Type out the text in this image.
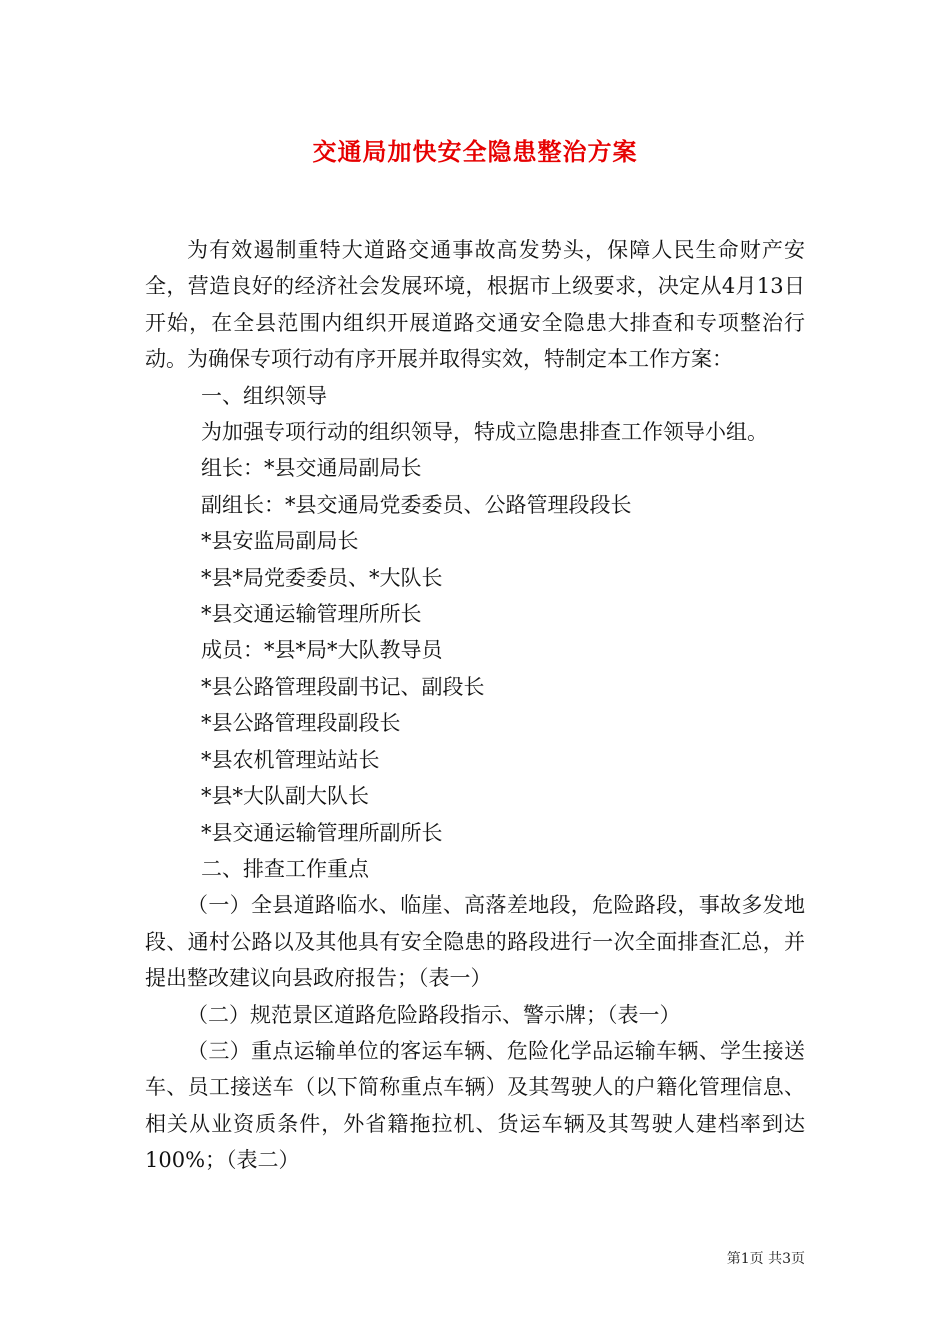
交通局加快安全隐患整治方案

为有效遏制重特大道路交通事故高发势头，保障人民生命财产安全，营造良好的经济社会发展环境，根据市上级要求，决定从4月13日开始，在全县范围内组织开展道路交通安全隐患大排查和专项整治行动。为确保专项行动有序开展并取得实效，特制定本工作方案：

一、组织领导

为加强专项行动的组织领导，特成立隐患排查工作领导小组。

组长：*县交通局副局长

副组长：*县交通局党委委员、公路管理段段长

*县安监局副局长

*县*局党委委员、*大队长

*县交通运输管理所所长

成员：*县*局*大队教导员

*县公路管理段副书记、副段长

*县公路管理段副段长

*县农机管理站站长

*县*大队副大队长

*县交通运输管理所副所长

二、排查工作重点

（一）全县道路临水、临崖、高落差地段，危险路段，事故多发地段、通村公路以及其他具有安全隐患的路段进行一次全面排查汇总，并提出整改建议向县政府报告；（表一）

（二）规范景区道路危险路段指示、警示牌；（表一）

（三）重点运输单位的客运车辆、危险化学品运输车辆、学生接送车、员工接送车（以下简称重点车辆）及其驾驶人的户籍化管理信息、相关从业资质条件，外省籍拖拉机、货运车辆及其驾驶人建档率到达100%；（表二）

第1页 共3页
